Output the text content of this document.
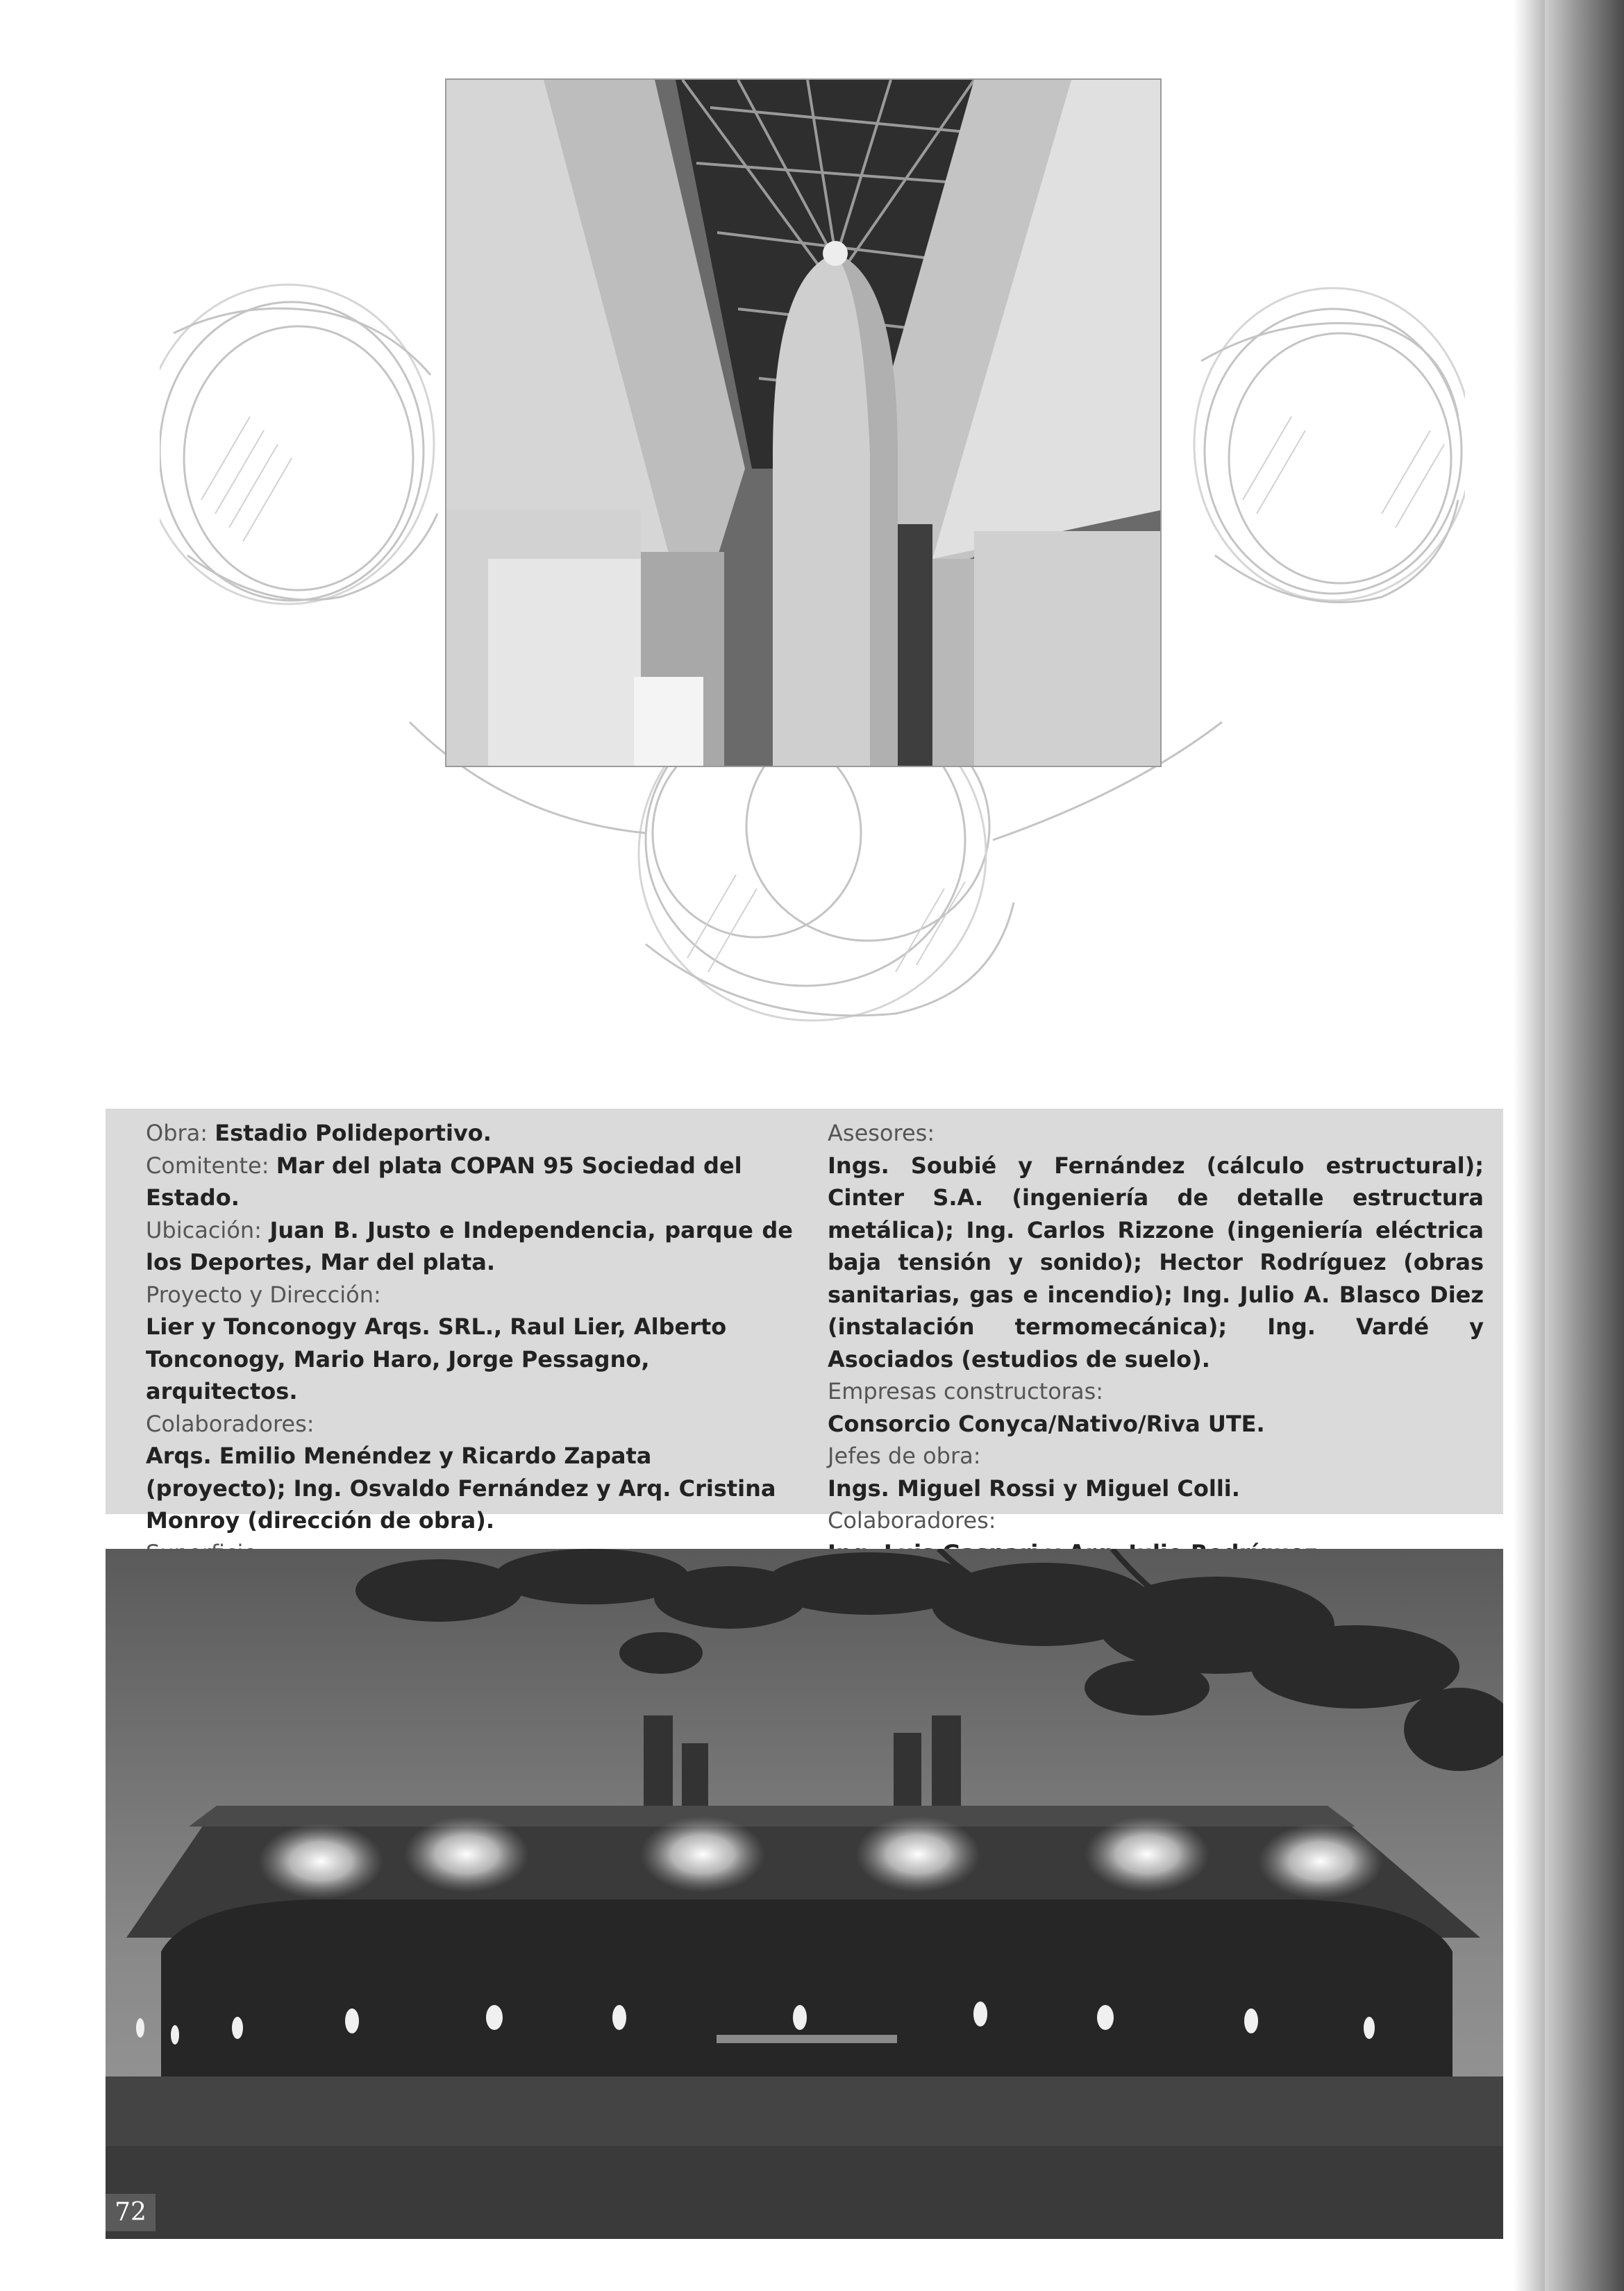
Obra: Estadio Polideportivo.
Comitente: Mar del plata COPAN 95 Sociedad del Estado.
Ubicación: Juan B. Justo e Independencia, parque de los Deportes, Mar del plata.
Proyecto y Dirección:
Lier y Tonconogy Arqs. SRL., Raul Lier, Alberto Tonconogy, Mario Haro, Jorge Pessagno, arquitectos.
Colaboradores:
Arqs. Emilio Menéndez y Ricardo Zapata (proyecto); Ing. Osvaldo Fernández y Arq. Cristina Monroy (dirección de obra).
Asesores:
Ings. Soubié y Fernández (cálculo estructural); Cinter S.A. (ingeniería de detalle estructura metálica); Ing. Carlos Rizzone (ingeniería eléctrica baja tensión y sonido); Hector Rodríguez (obras sanitarias, gas e incendio); Ing. Julio A. Blasco Diez (instalación termomecánica); Ing. Vardé y Asociados (estudios de suelo).
Empresas constructoras:
Consorcio Conyca/Nativo/Riva UTE.
Jefes de obra:
Ings. Miguel Rossi y Miguel Colli.
Colaboradores:
72
